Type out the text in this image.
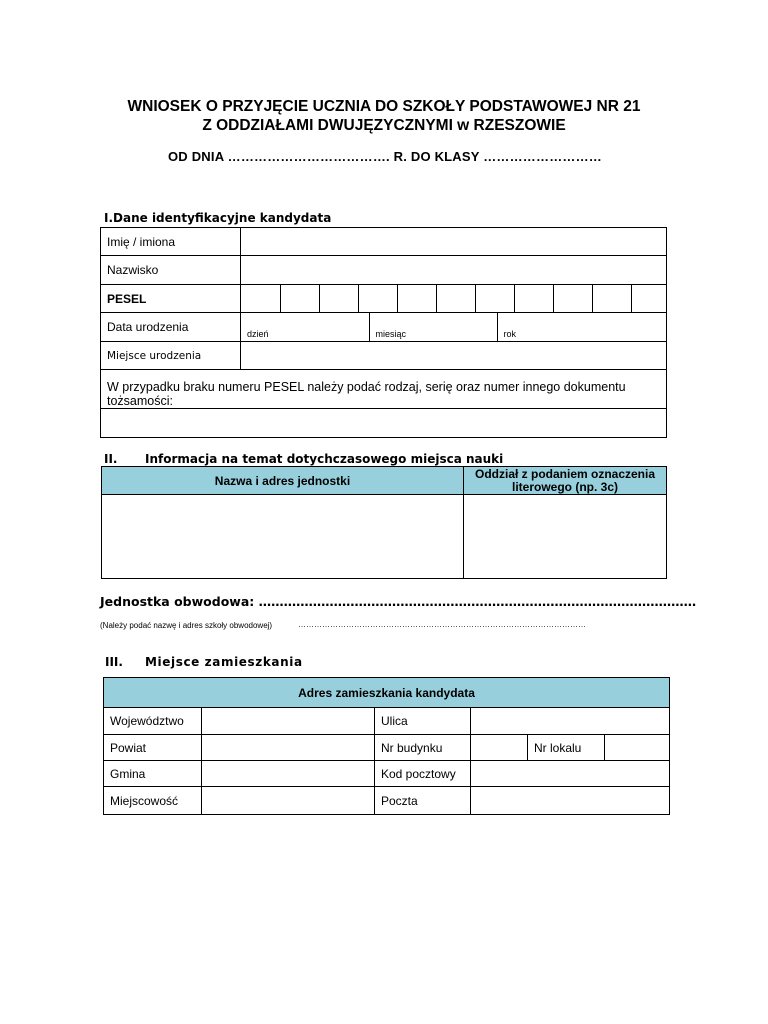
WNIOSEK O PRZYJĘCIE UCZNIA DO SZKOŁY PODSTAWOWEJ NR 21
Z ODDZIAŁAMI DWUJĘZYCZNYMI w RZESZOWIE
OD DNIA ………………………………. R. DO KLASY ………………………
I.Dane identyfikacyjne kandydata
Imię / imiona	
Nazwisko	
PESEL											
Data urodzenia		dzień	miesiąc	rok

Miejsce urodzenia	
W przypadku braku numeru PESEL należy podać rodzaj, serię oraz numer innego dokumentu tożsamości:

II. Informacja na temat dotychczasowego miejsca nauki
Nazwa i adres jednostki	Oddział z podaniem oznaczenia literowego (np. 3c)

Jednostka obwodowa: ……………………………………………………………………………………………
(Należy podać nazwę i adres szkoły obwodowej)	………………………………………………………………………………………………
III. Miejsce zamieszkania
Adres zamieszkania kandydata					
Województwo		Ulica			
Powiat		Nr budynku		Nr lokalu	
Gmina		Kod pocztowy			
Miejscowość		Poczta			
